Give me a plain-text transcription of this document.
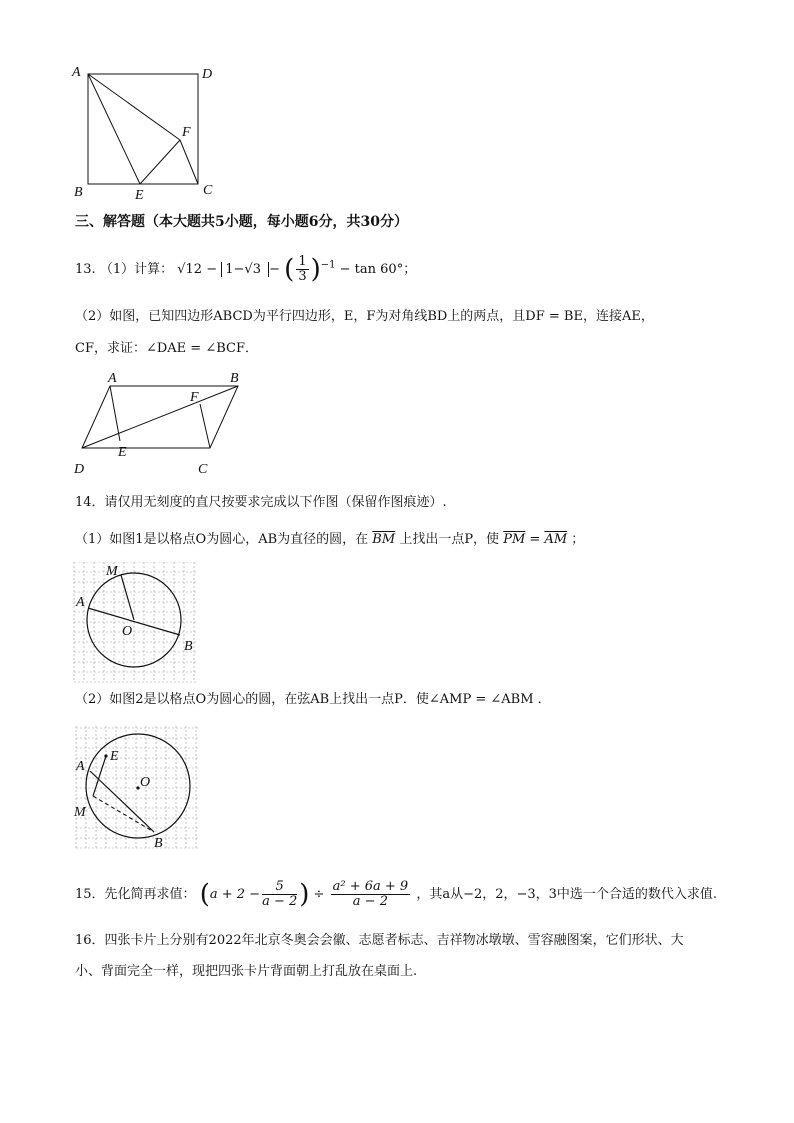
A	D
F
B	E	C
三、解答题（本大题共5小题，每小题6分，共30分）
13. （1）计算： √12 − 1−√3 − ( $\frac{1}{3} )^{-1} - \tan 60^\circ$；
（2）如图，已知四边形ABCD为平行四边形，E，F为对角线BD上的两点，且DF = BE，连接AE，
CF，求证：∠DAE = ∠BCF．
A	B
F
E
D	C
14．请仅用无刻度的直尺按要求完成以下作图（保留作图痕迹）.
（1）如图1是以格点O为圆心，AB为直径的圆，在 $\overline{BM}$ 上找出一点P，使 $\overline{PM} = \overline{AM}$ ；
M
A
O
B
（2）如图2是以格点O为圆心的圆，在弦AB上找出一点P．使∠AMP = ∠ABM ．
A
E
O
M
B
15．先化简再求值： ($a + 2 - \frac{5}{a - 2}$ ) ÷ $\frac{\text{a² + 6a + 9}}{a - 2}$ ，其a从−2，2，−3，3中选一个合适的数代入求值.
16．四张卡片上分别有2022年北京冬奥会会徽、志愿者标志、吉祥物冰墩墩、雪容融图案，它们形状、大
小、背面完全一样，现把四张卡片背面朝上打乱放在桌面上.
